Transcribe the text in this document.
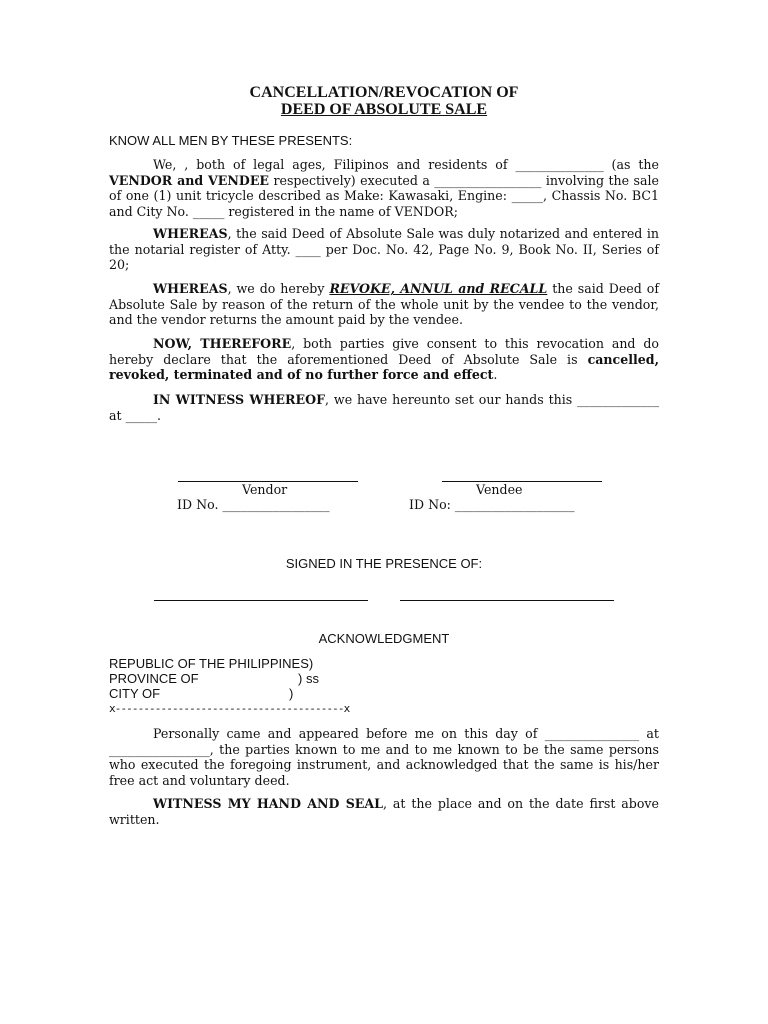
CANCELLATION/REVOCATION OF
DEED OF ABSOLUTE SALE
KNOW ALL MEN BY THESE PRESENTS:
We, , both of legal ages, Filipinos and residents of ______________ (as the VENDOR and VENDEE respectively) executed a _________________ involving the sale of one (1) unit tricycle described as Make: Kawasaki, Engine: _____, Chassis No. BC1 and City No. _____ registered in the name of VENDOR;
WHEREAS, the said Deed of Absolute Sale was duly notarized and entered in the notarial register of Atty. ____ per Doc. No. 42, Page No. 9, Book No. II, Series of 20;
WHEREAS, we do hereby REVOKE, ANNUL and RECALL the said Deed of Absolute Sale by reason of the return of the whole unit by the vendee to the vendor, and the vendor returns the amount paid by the vendee.
NOW, THEREFORE, both parties give consent to this revocation and do hereby declare that the aforementioned Deed of Absolute Sale is cancelled, revoked, terminated and of no further force and effect.
IN WITNESS WHEREOF, we have hereunto set our hands this _____________ at _____.
Vendor	Vendee
ID No. _________________	ID No: ___________________
SIGNED IN THE PRESENCE OF:
ACKNOWLEDGMENT
REPUBLIC OF THE PHILIPPINES)
PROVINCE OF	) ss
CITY OF	)
x----------------------------------------x
Personally came and appeared before me on this day of _______________ at ________________, the parties known to me and to me known to be the same persons who executed the foregoing instrument, and acknowledged that the same is his/her free act and voluntary deed.
WITNESS MY HAND AND SEAL, at the place and on the date first above written.
